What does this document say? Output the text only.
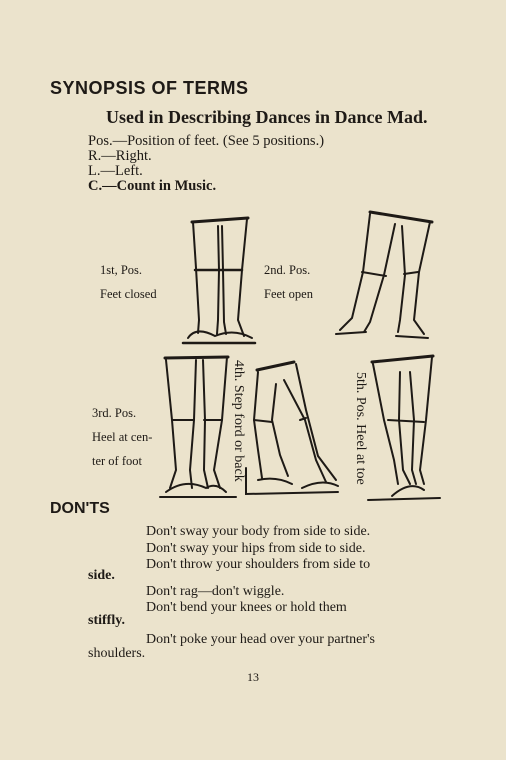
SYNOPSIS OF TERMS
Used in Describing Dances in Dance Mad.
Pos.—Position of feet. (See 5 positions.)
R.—Right.
L.—Left.
C.—Count in Music.
1st, Pos.
Feet closed
2nd. Pos.
Feet open
3rd. Pos.
Heel at cen-
ter of foot	4th. Step ford or back	5th. Pos. Heel at toe
DON'TS
Don't sway your body from side to side.
Don't sway your hips from side to side.
Don't throw your shoulders from side to
side.
Don't rag—don't wiggle.
Don't bend your knees or hold them
stiffly.
Don't poke your head over your partner's
shoulders.
13
